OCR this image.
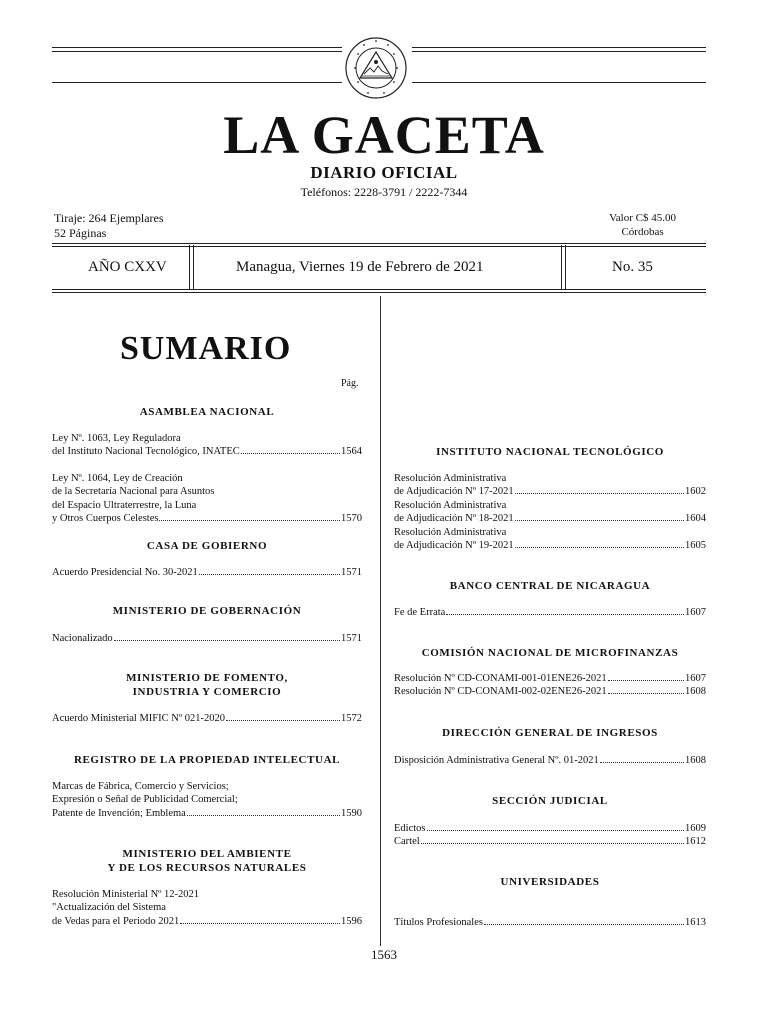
LA GACETA
DIARIO OFICIAL
Teléfonos: 2228-3791 / 2222-7344
Tiraje: 264 Ejemplares
52 Páginas
Valor C$ 45.00
Córdobas
AÑO CXXV	Managua, Viernes 19 de Febrero de 2021	No. 35
SUMARIO
Pág.
ASAMBLEA NACIONAL
Ley Nº. 1063, Ley Reguladora
del Instituto Nacional Tecnológico, INATEC	1564
Ley Nº. 1064, Ley de Creación
de la Secretaría Nacional para Asuntos
del Espacio Ultraterrestre, la Luna
y Otros Cuerpos Celestes	1570
CASA DE GOBIERNO
Acuerdo Presidencial No. 30-2021	1571
MINISTERIO DE GOBERNACIÓN
Nacionalizado	1571
MINISTERIO DE FOMENTO,
INDUSTRIA Y COMERCIO
Acuerdo Ministerial MIFIC Nº 021-2020	1572
REGISTRO DE LA PROPIEDAD INTELECTUAL
Marcas de Fábrica, Comercio y Servicios;
Expresión o Señal de Publicidad Comercial;
Patente de Invención; Emblema	1590
MINISTERIO DEL AMBIENTE
Y DE LOS RECURSOS NATURALES
Resolución Ministerial Nº 12-2021
"Actualización del Sistema
de Vedas para el Periodo 2021	1596
INSTITUTO NACIONAL TECNOLÓGICO
Resolución Administrativa
de Adjudicación Nº 17-2021	1602
Resolución Administrativa
de Adjudicación Nº 18-2021	1604
Resolución Administrativa
de Adjudicación Nº 19-2021	1605
BANCO CENTRAL DE NICARAGUA
Fe de Errata	1607
COMISIÓN NACIONAL DE MICROFINANZAS
Resolución Nº CD-CONAMI-001-01ENE26-2021	1607
Resolución Nº CD-CONAMI-002-02ENE26-2021	1608
DIRECCIÓN GENERAL DE INGRESOS
Disposición Administrativa General Nº. 01-2021	1608
SECCIÓN JUDICIAL
Edictos	1609
Cartel	1612
UNIVERSIDADES
Títulos Profesionales	1613
1563
